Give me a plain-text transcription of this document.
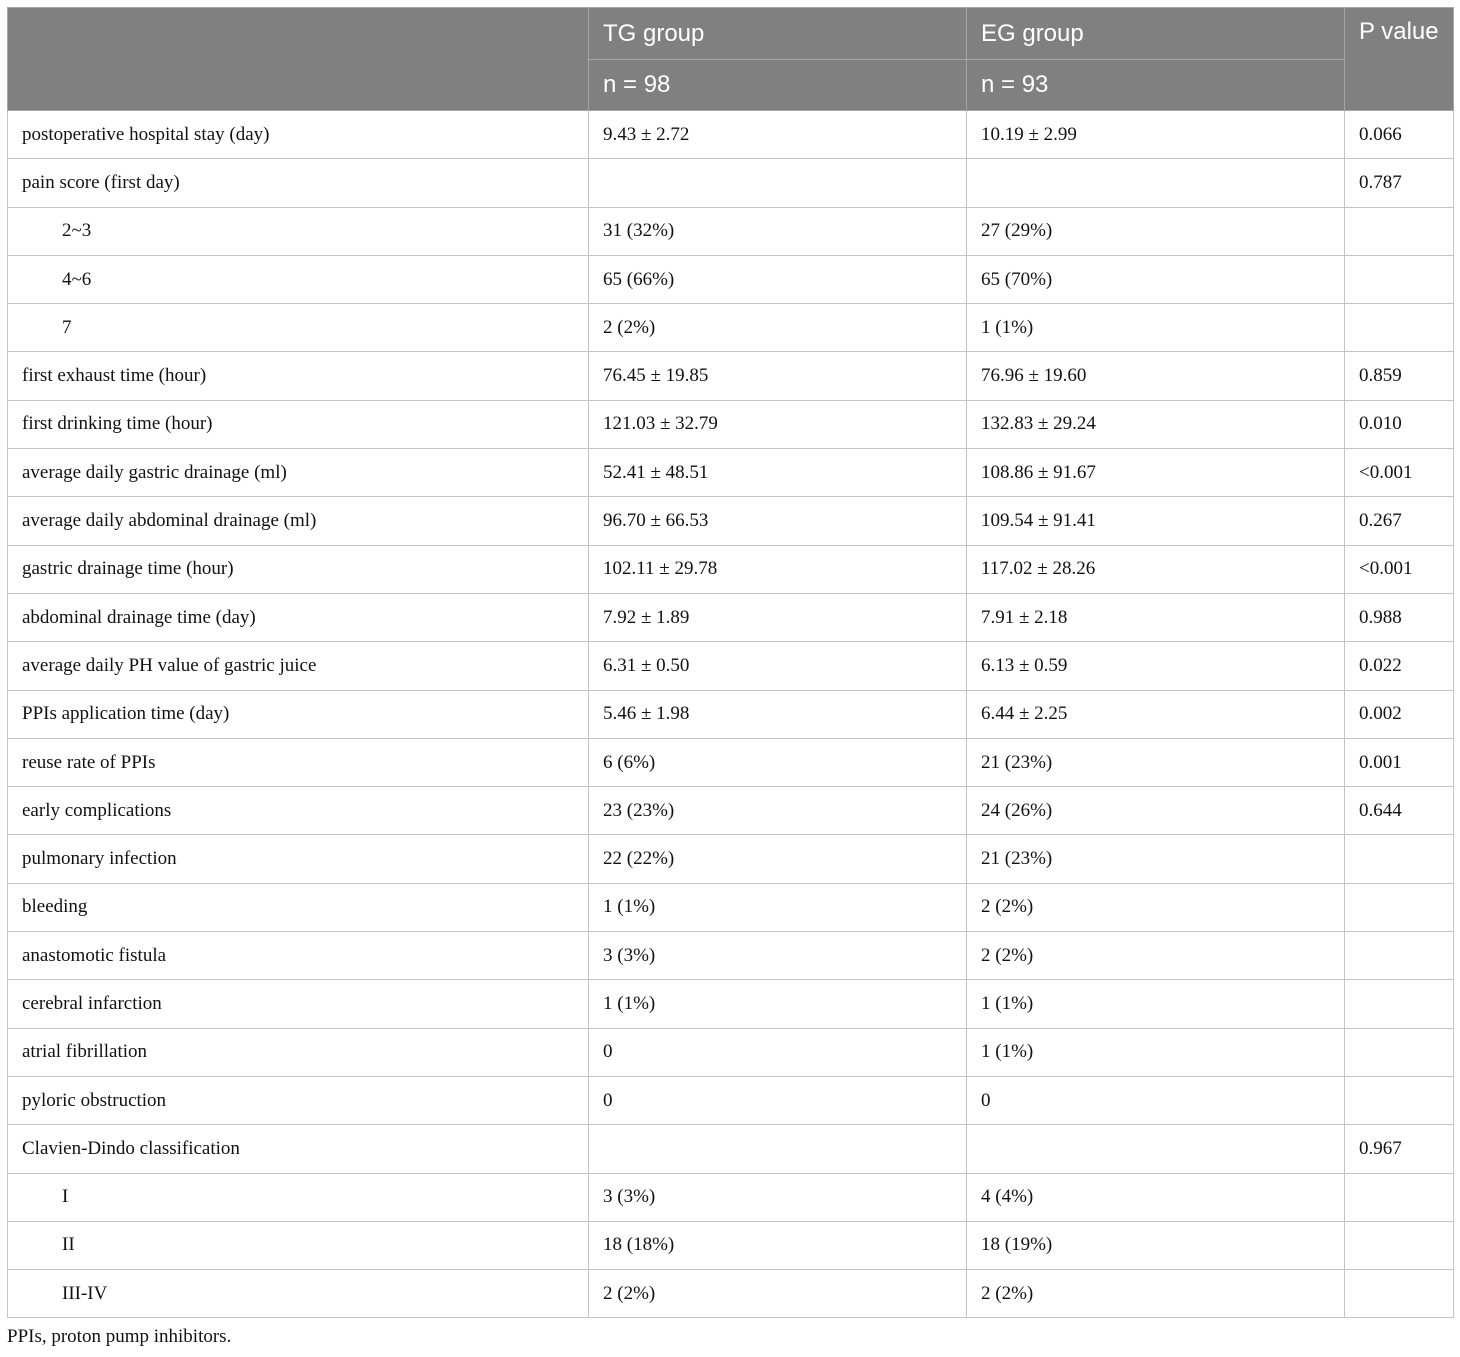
	TG group	EG group	P value
	n = 98	n = 93	
postoperative hospital stay (day)	9.43 ± 2.72	10.19 ± 2.99	0.066
pain score (first day)			0.787
2~3	31 (32%)	27 (29%)	
4~6	65 (66%)	65 (70%)	
7	2 (2%)	1 (1%)	
first exhaust time (hour)	76.45 ± 19.85	76.96 ± 19.60	0.859
first drinking time (hour)	121.03 ± 32.79	132.83 ± 29.24	0.010
average daily gastric drainage (ml)	52.41 ± 48.51	108.86 ± 91.67	<0.001
average daily abdominal drainage (ml)	96.70 ± 66.53	109.54 ± 91.41	0.267
gastric drainage time (hour)	102.11 ± 29.78	117.02 ± 28.26	<0.001
abdominal drainage time (day)	7.92 ± 1.89	7.91 ± 2.18	0.988
average daily PH value of gastric juice	6.31 ± 0.50	6.13 ± 0.59	0.022
PPIs application time (day)	5.46 ± 1.98	6.44 ± 2.25	0.002
reuse rate of PPIs	6 (6%)	21 (23%)	0.001
early complications	23 (23%)	24 (26%)	0.644
pulmonary infection	22 (22%)	21 (23%)	
bleeding	1 (1%)	2 (2%)	
anastomotic fistula	3 (3%)	2 (2%)	
cerebral infarction	1 (1%)	1 (1%)	
atrial fibrillation	0	1 (1%)	
pyloric obstruction	0	0	
Clavien-Dindo classification			0.967
I	3 (3%)	4 (4%)	
II	18 (18%)	18 (19%)	
III-IV	2 (2%)	2 (2%)	
PPIs, proton pump inhibitors.
